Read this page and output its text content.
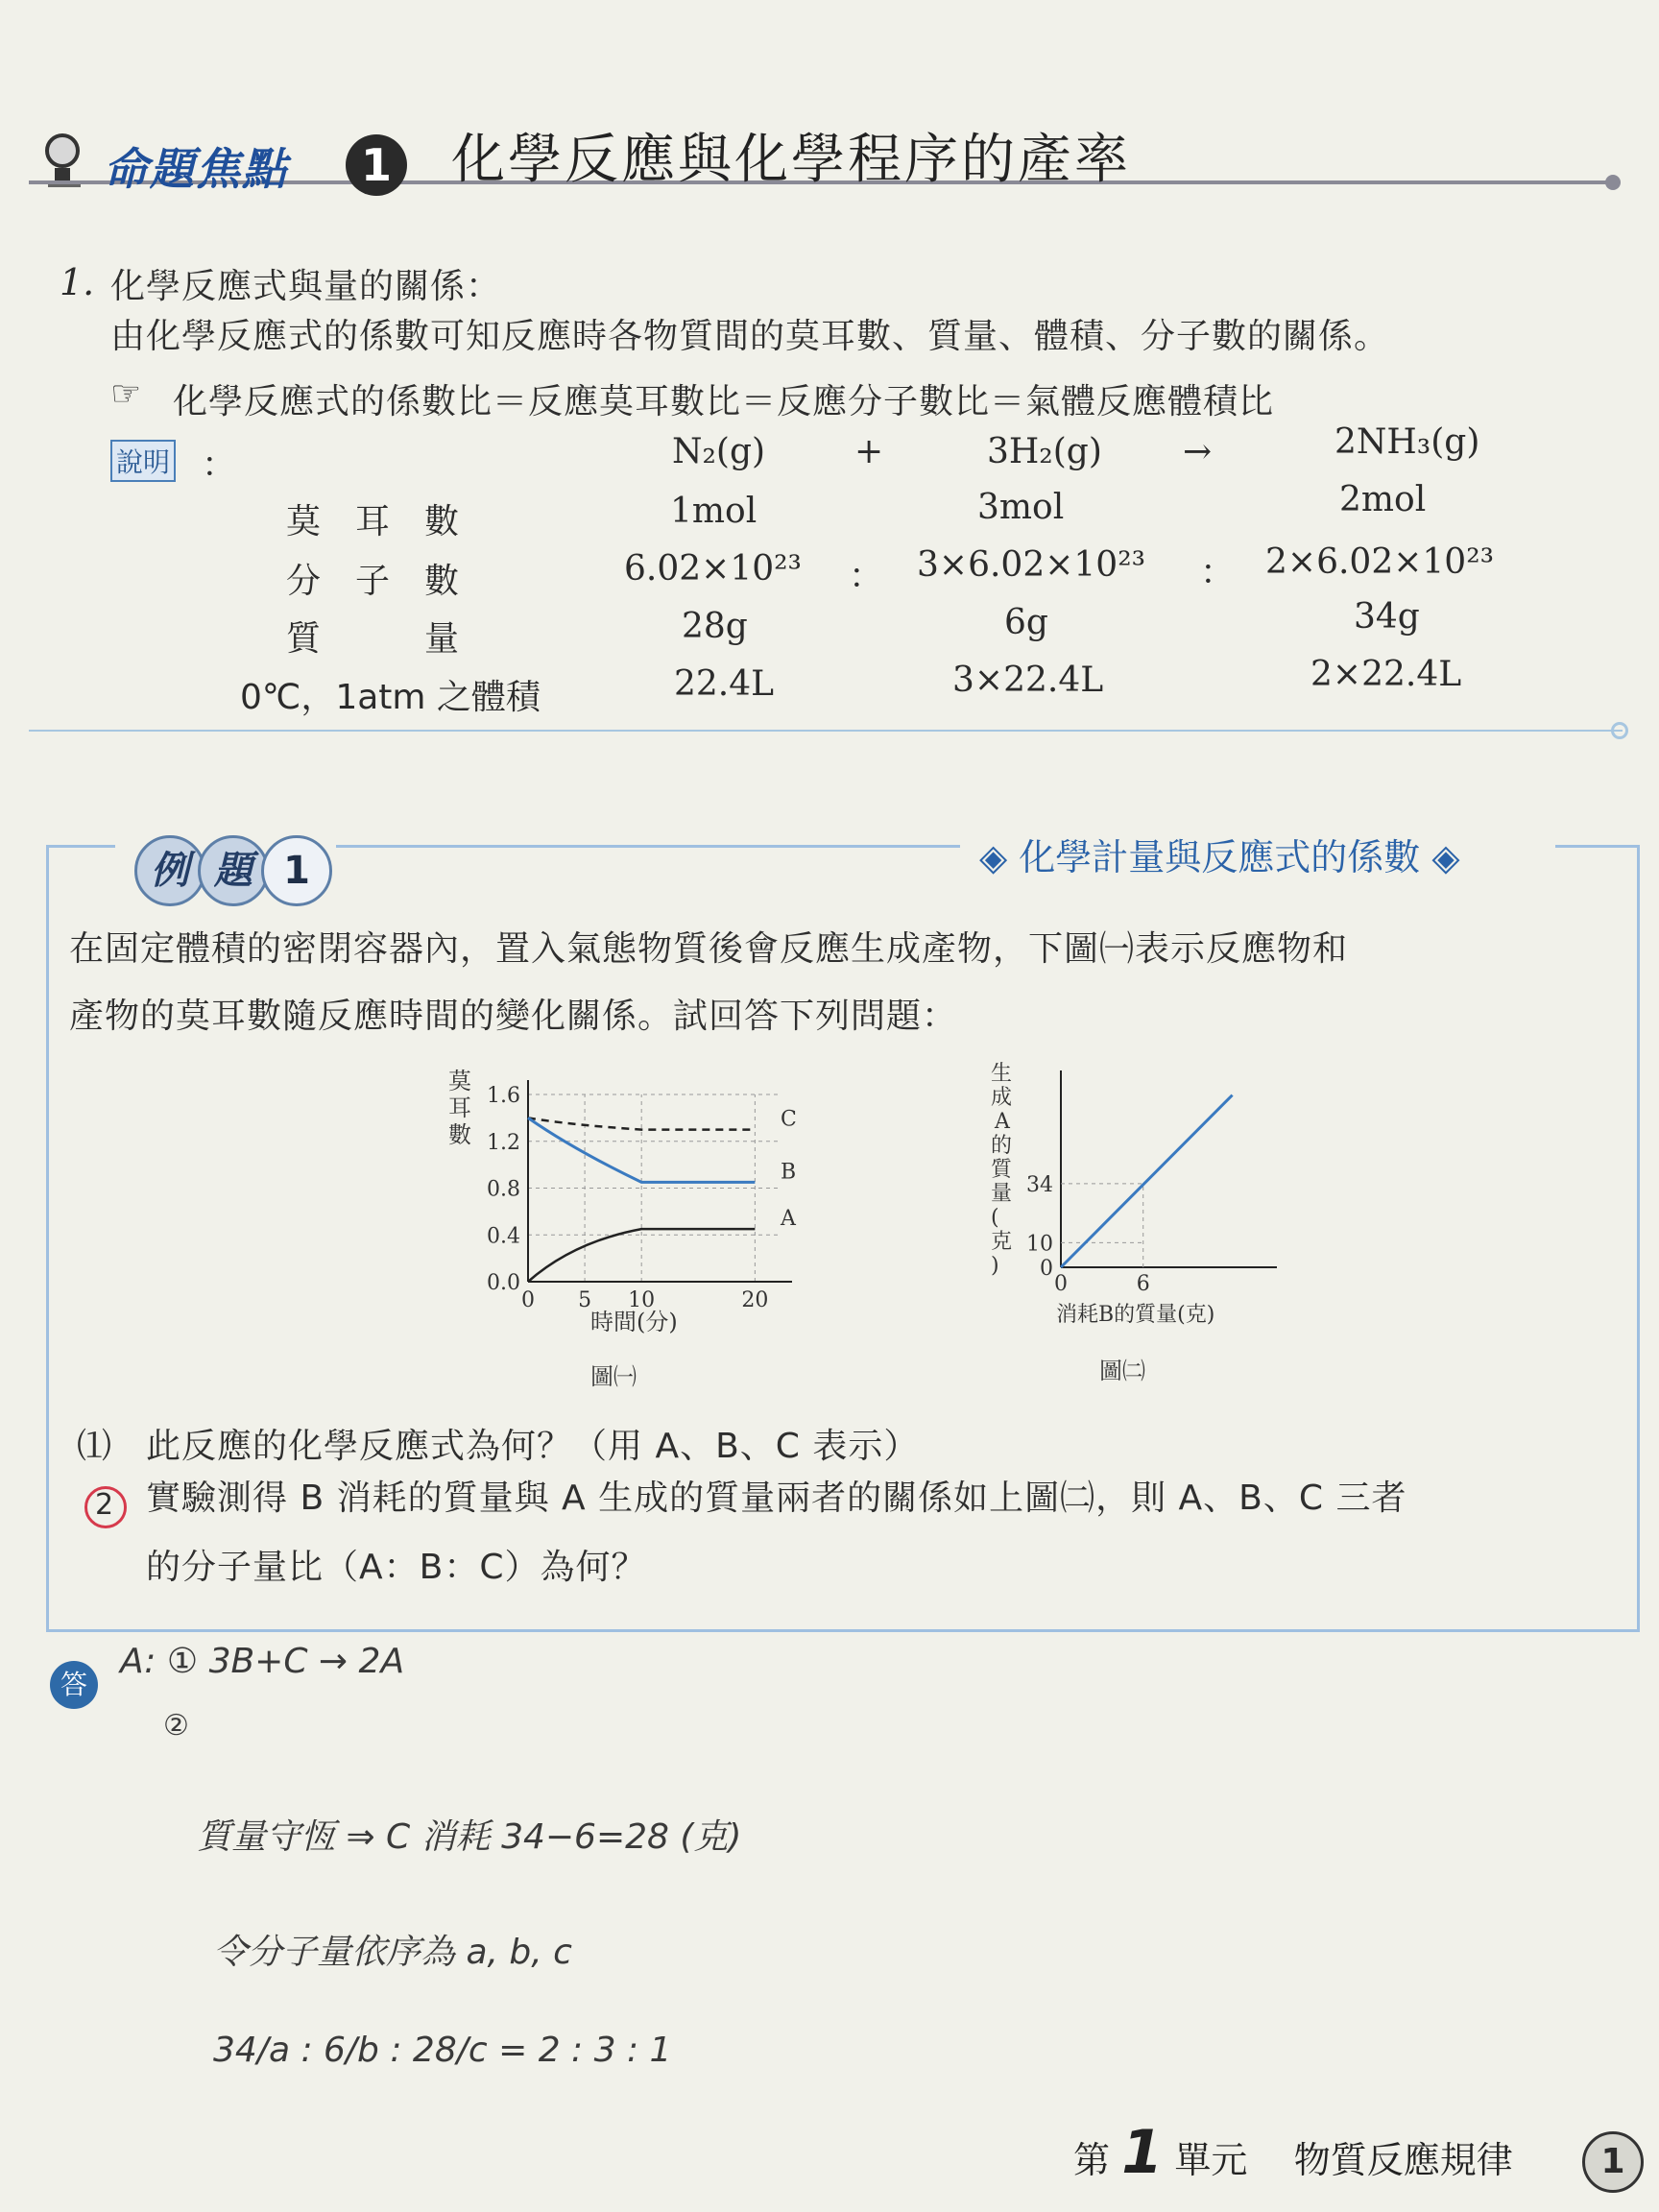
命題焦點	1 化學反應與化學程序的產率
1. 化學反應式與量的關係：
由化學反應式的係數可知反應時各物質間的莫耳數、質量、體積、分子數的關係。
☞ 化學反應式的係數比＝反應莫耳數比＝反應分子數比＝氣體反應體積比
說明 ：	N₂(g)	+	3H₂(g) →	2NH₃(g)
莫　耳　數	1mol	3mol	2mol
分　子　數	6.02×10²³ ： 3×6.02×10²³ ： 2×6.02×10²³
質　　　量	28g	6g	34g
0℃，1atm 之體積	22.4L	3×22.4L	2×22.4L
例 題 1	◈ 化學計量與反應式的係數 ◈
在固定體積的密閉容器內，置入氣態物質後會反應生成產物，下圖㈠表示反應物和
產物的莫耳數隨反應時間的變化關係。試回答下列問題：
莫
耳
數
0.0
0.4
0.8
1.2
1.6
0 5 10	20
C
B
A
時間(分)
圖㈠
生
成
A
的
質
量
(
克
) 0
10
34
0	6
消耗B的質量(克)
圖㈡
⑴ 此反應的化學反應式為何？（用 A、B、C 表示）
2 實驗測得 B 消耗的質量與 A 生成的質量兩者的關係如上圖㈡，則 A、B、C 三者
的分子量比（A：B：C）為何？
答
A: ① 3B+C → 2A
②
質量守恆 ⇒ C 消耗 34−6=28 (克)
令分子量依序為 a, b, c
34/a : 6/b : 28/c = 2 : 3 : 1
第 1 單元 物質反應規律	1
